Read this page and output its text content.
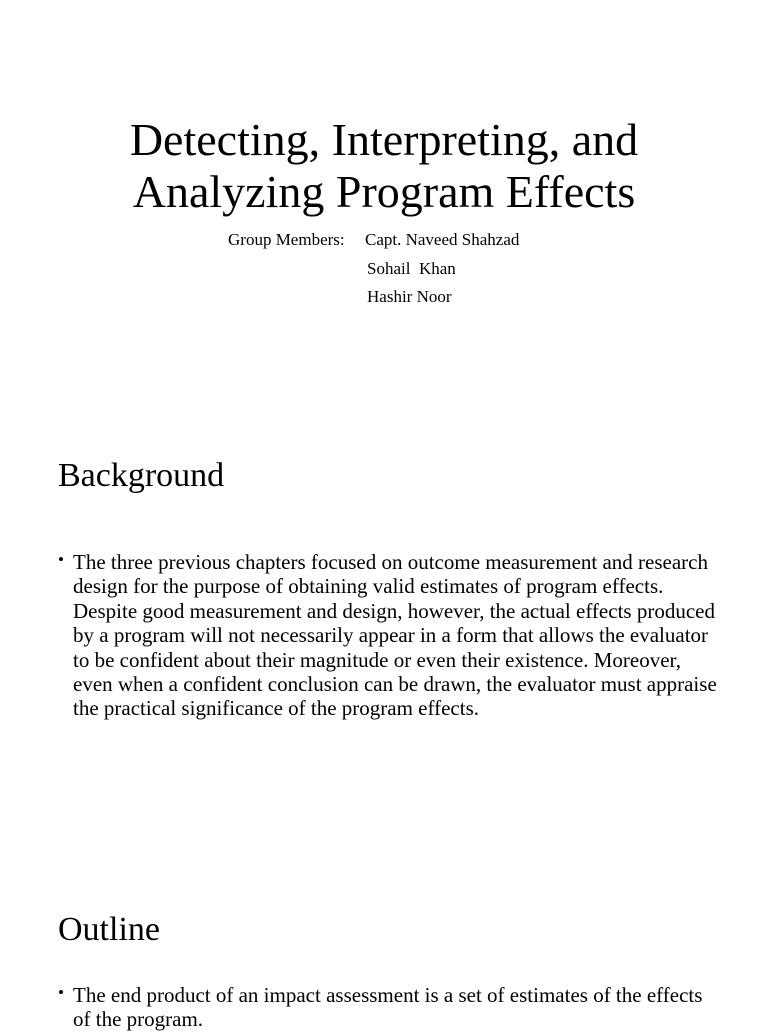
Detecting, Interpreting, and
Analyzing Program Effects
Group Members: Capt. Naveed Shahzad
Sohail  Khan
Hashir Noor
Background
• The three previous chapters focused on outcome measurement and research design for the purpose of obtaining valid estimates of program effects. Despite good measurement and design, however, the actual effects produced by a program will not necessarily appear in a form that allows the evaluator to be confident about their magnitude or even their existence. Moreover, even when a confident conclusion can be drawn, the evaluator must appraise the practical significance of the program effects.
Outline
• The end product of an impact assessment is a set of estimates of the effects of the program.
